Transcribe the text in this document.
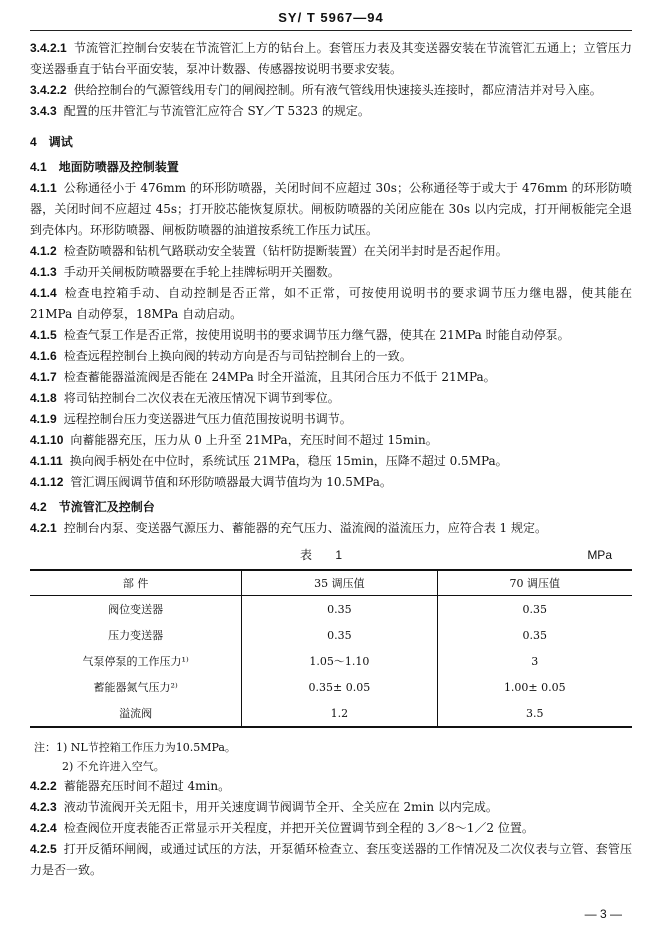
SY/ T 5967—94

3.4.2.1 节流管汇控制台安装在节流管汇上方的钻台上。套管压力表及其变送器安装在节流管汇五通上；立管压力变送器垂直于钻台平面安装，泵冲计数器、传感器按说明书要求安装。

3.4.2.2 供给控制台的气源管线用专门的闸阀控制。所有液气管线用快速接头连接时，都应清洁并对号入座。

3.4.3 配置的压井管汇与节流管汇应符合 SY／T 5323 的规定。

4 调试

4.1 地面防喷器及控制装置

4.1.1 公称通径小于 476mm 的环形防喷器，关闭时间不应超过 30s；公称通径等于或大于 476mm 的环形防喷器，关闭时间不应超过 45s；打开胶芯能恢复原状。闸板防喷器的关闭应能在 30s 以内完成，打开闸板能完全退到壳体内。环形防喷器、闸板防喷器的油道按系统工作压力试压。

4.1.2 检查防喷器和钻机气路联动安全装置（钻杆防提断装置）在关闭半封时是否起作用。

4.1.3 手动开关闸板防喷器要在手轮上挂牌标明开关圈数。

4.1.4 检查电控箱手动、自动控制是否正常，如不正常，可按使用说明书的要求调节压力继电器，使其能在 21MPa 自动停泵，18MPa 自动启动。

4.1.5 检查气泵工作是否正常，按使用说明书的要求调节压力继气器，使其在 21MPa 时能自动停泵。

4.1.6 检查远程控制台上换向阀的转动方向是否与司钻控制台上的一致。

4.1.7 检查蓄能器溢流阀是否能在 24MPa 时全开溢流，且其闭合压力不低于 21MPa。

4.1.8 将司钻控制台二次仪表在无液压情况下调节到零位。

4.1.9 远程控制台压力变送器进气压力值范围按说明书调节。

4.1.10 向蓄能器充压，压力从 0 上升至 21MPa，充压时间不超过 15min。

4.1.11 换向阀手柄处在中位时，系统试压 21MPa，稳压 15min，压降不超过 0.5MPa。

4.1.12 管汇调压阀调节值和环形防喷器最大调节值均为 10.5MPa。

4.2 节流管汇及控制台

4.2.1 控制台内泵、变送器气源压力、蓄能器的充气压力、溢流阀的溢流压力，应符合表 1 规定。

表 1	MPa
部 件	35 调压值	70 调压值
阀位变送器	0.35	0.35
压力变送器	0.35	0.35
气泵停泵的工作压力¹⁾	1.05～1.10	3
蓄能器氮气压力²⁾	0.35± 0.05	1.00± 0.05
溢流阀	1.2	3.5
注：1) NL节控箱工作压力为10.5MPa。
2) 不允许进入空气。

4.2.2 蓄能器充压时间不超过 4min。

4.2.3 液动节流阀开关无阻卡，用开关速度调节阀调节全开、全关应在 2min 以内完成。

4.2.4 检查阀位开度表能否正常显示开关程度，并把开关位置调节到全程的 3／8～1／2 位置。

4.2.5 打开反循环闸阀，或通过试压的方法，开泵循环检查立、套压变送器的工作情况及二次仪表与立管、套管压力是否一致。

— 3 —
